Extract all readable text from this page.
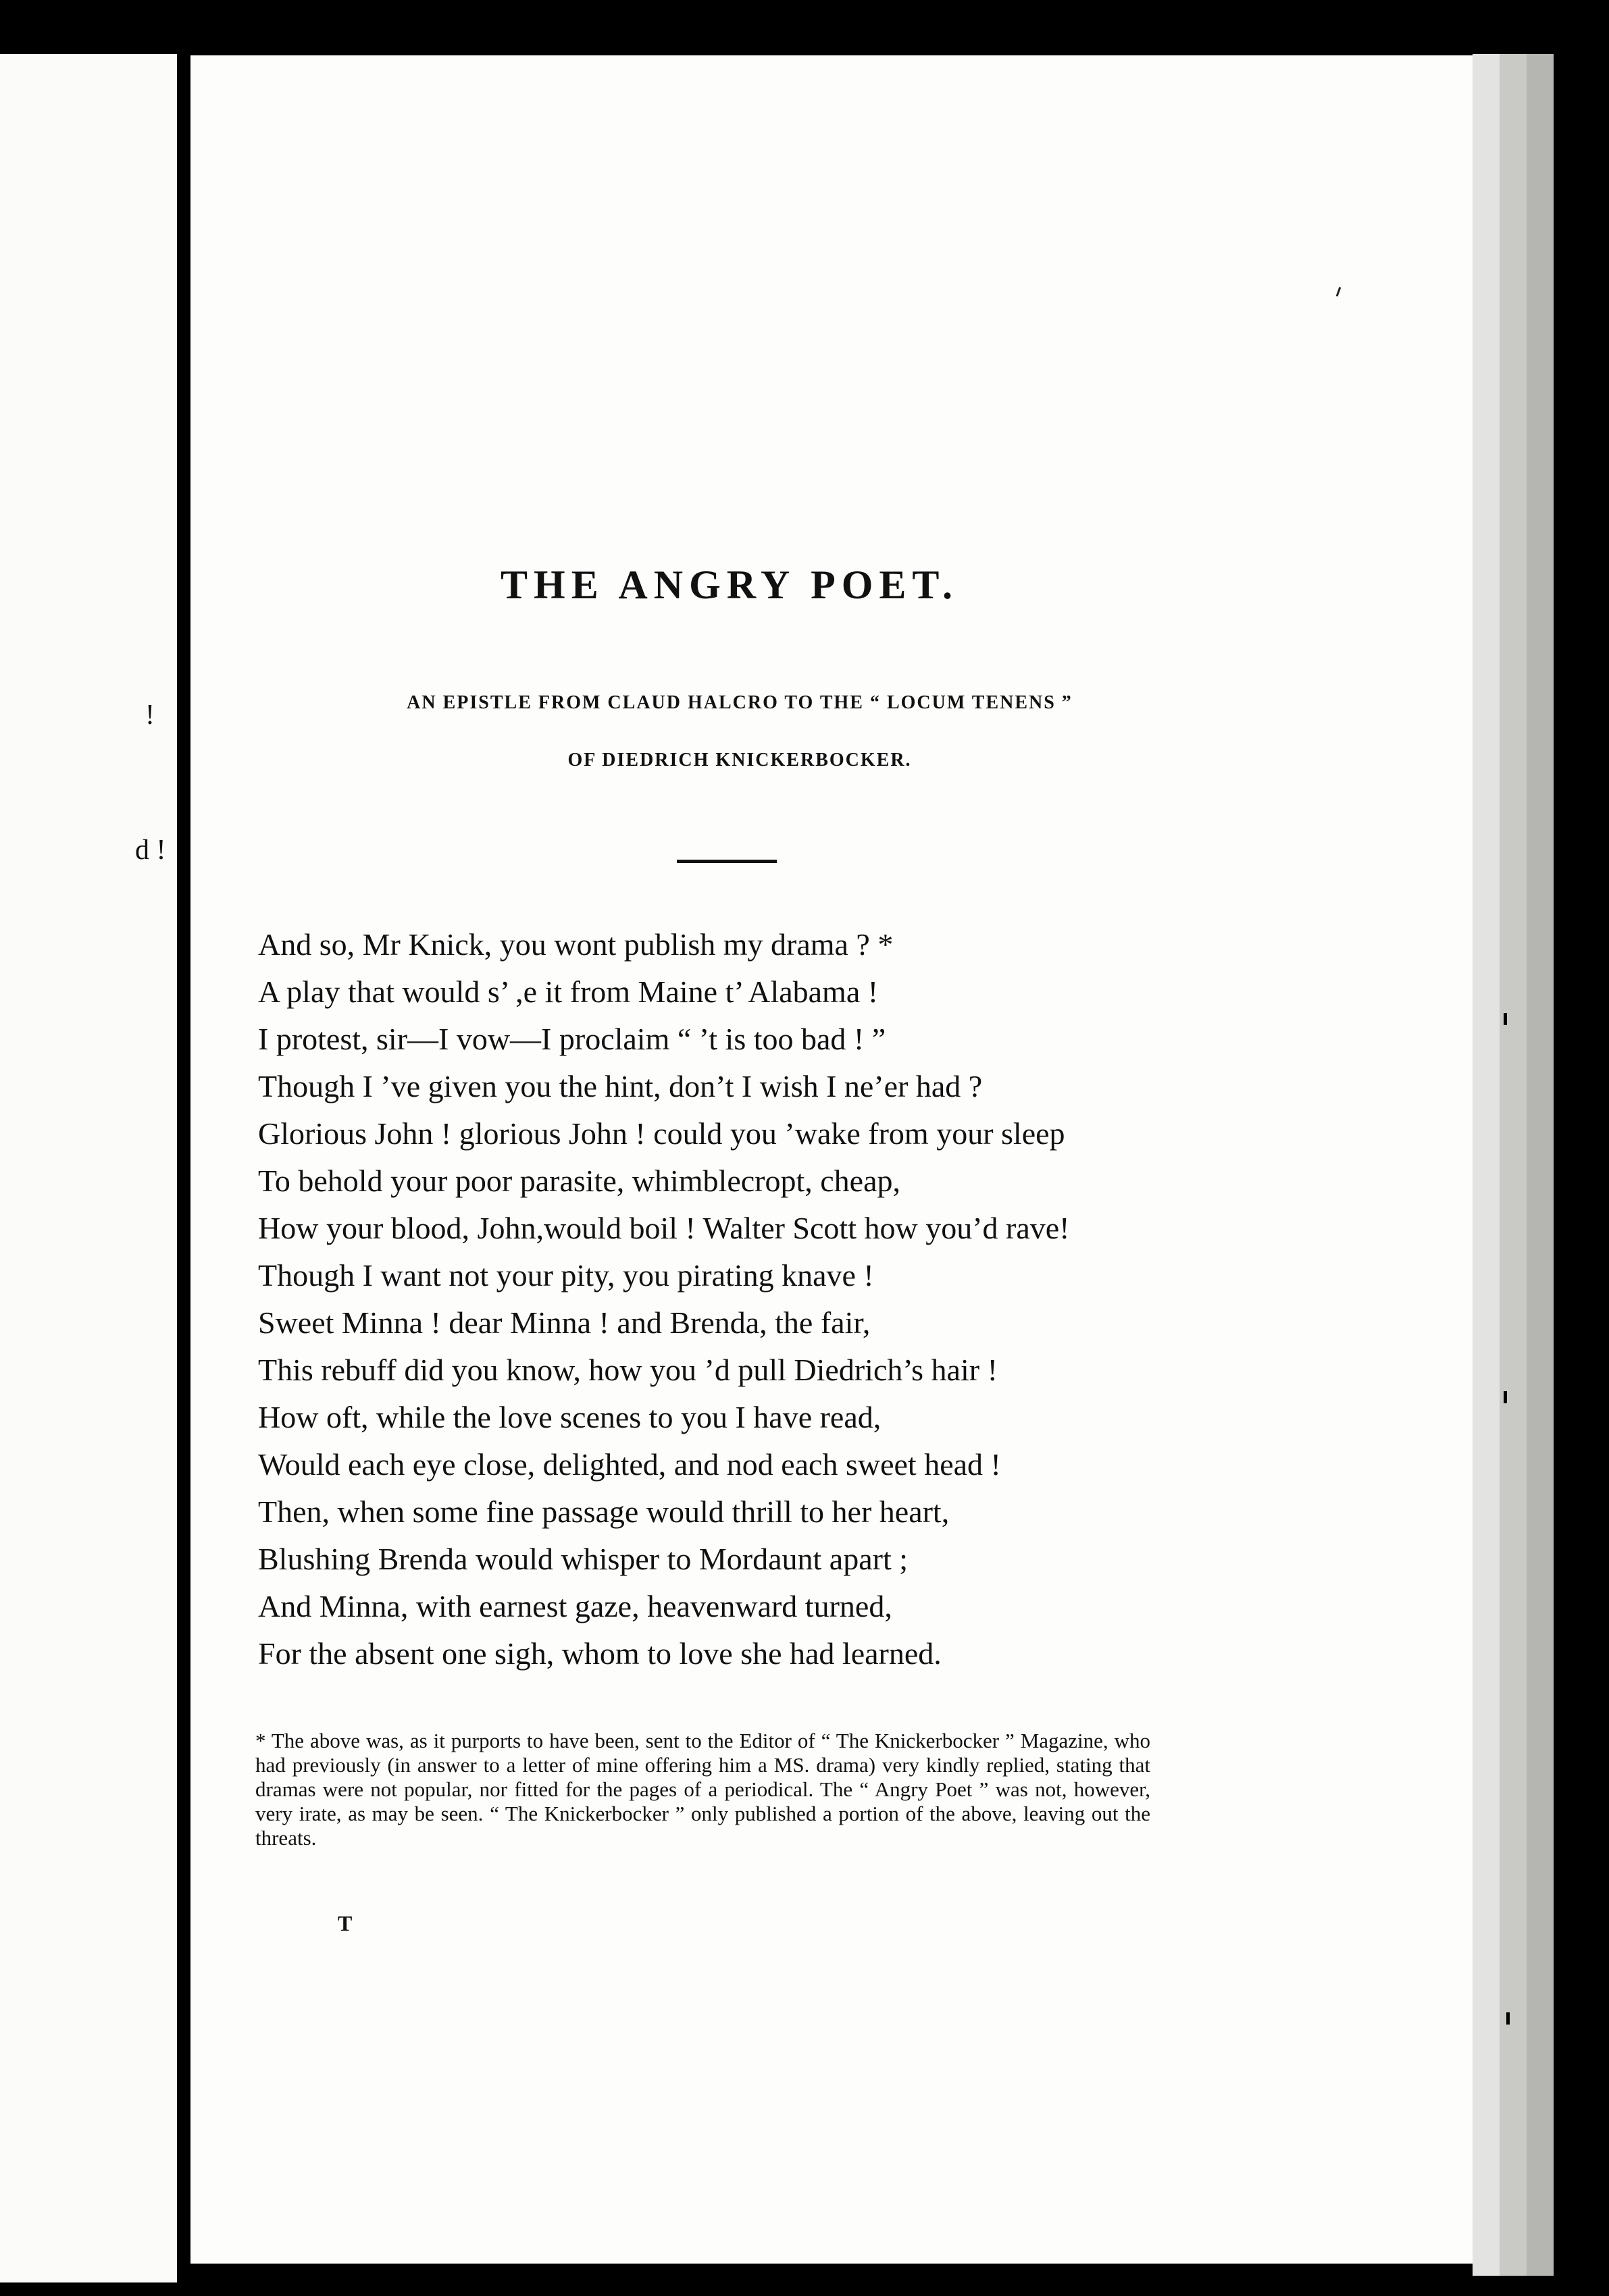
!
d !
THE ANGRY POET.

AN EPISTLE FROM CLAUD HALCRO TO THE “ LOCUM TENENS ”

OF DIEDRICH KNICKERBOCKER.

And so, Mr Knick, you wont publish my drama ? *
A play that would s’ ,e it from Maine t’ Alabama !
I protest, sir—I vow—I proclaim “ ’t is too bad ! ”
Though I ’ve given you the hint, don’t I wish I ne’er had ?
Glorious John ! glorious John ! could you ’wake from your sleep
To behold your poor parasite, whimblecropt, cheap,
How your blood, John,would boil ! Walter Scott how you’d rave!
Though I want not your pity, you pirating knave !
Sweet Minna ! dear Minna ! and Brenda, the fair,
This rebuff did you know, how you ’d pull Diedrich’s hair !
How oft, while the love scenes to you I have read,
Would each eye close, delighted, and nod each sweet head !
Then, when some fine passage would thrill to her heart,
Blushing Brenda would whisper to Mordaunt apart ;
And Minna, with earnest gaze, heavenward turned,
For the absent one sigh, whom to love she had learned.

* The above was, as it purports to have been, sent to the Editor of “ The Knickerbocker ” Magazine, who had previously (in answer to a letter of mine offering him a MS. drama) very kindly replied, stating that dramas were not popular, nor fitted for the pages of a periodical. The “ Angry Poet ” was not, however, very irate, as may be seen. “ The Knickerbocker ” only published a portion of the above, leaving out the threats.

T
